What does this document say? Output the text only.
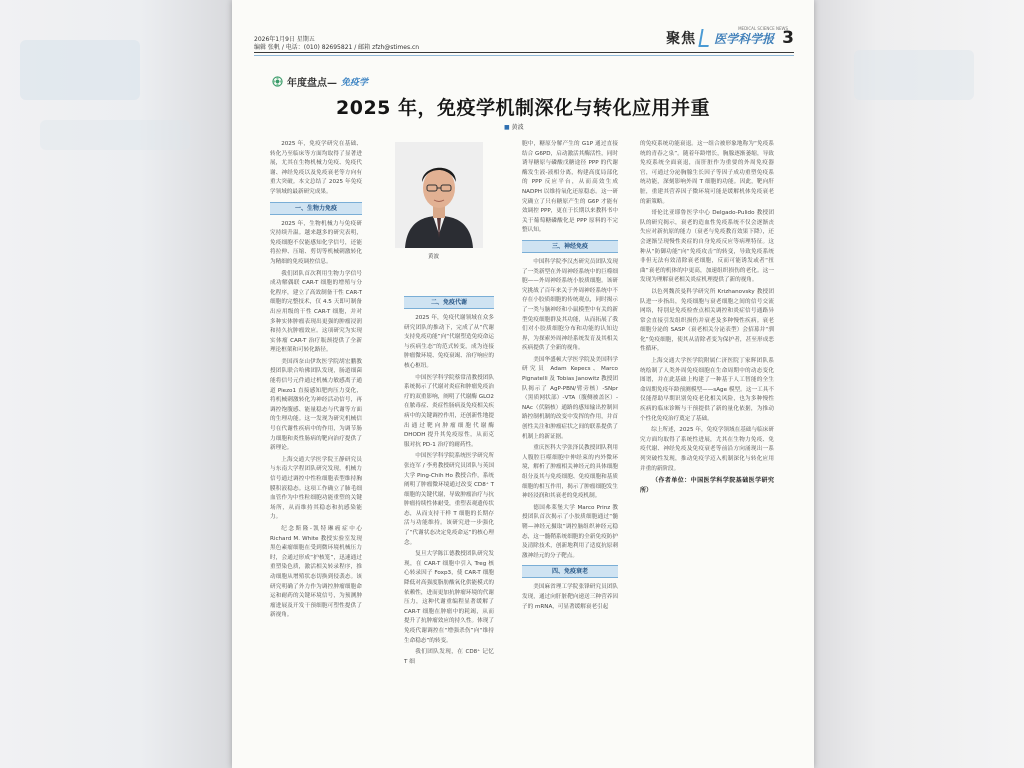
2026年1月9日 星期五
编辑 张帆 / 电话：(010) 82695821 / 邮箱 zfzh@stimes.cn
MEDICAL SCIENCE NEWS
聚焦 医学科学报 3
年度盘点— 免疫学
2025 年，免疫学机制深化与转化应用并重
■ 黄波

2025 年，免疫学研究在基础、转化乃至临床等方面均取得了显著进展，尤其在生物机械力免疫、免疫代谢、神经免疫以及免疫衰老等方向有重大突破。本文总结了 2025 年免疫学领域的最新研究成果。

一、生物力免疫

2025 年，生物机械力与免疫研究持续升温。越来越多的研究表明，免疫细胞不仅能感知化学信号，还能将拉伸、压缩、剪切等机械刺激转化为精细的免疫调控信息。

我们团队首次利用生物力学信号成功解偶联 CAR-T 细胞的增殖与分化程序，建立了高效制备干性 CAR-T 细胞的完整技术，仅 4.5 天即可制备出应用级的干性 CAR-T 细胞，并对多种实体肿瘤表现出更强的肿瘤浸润和持久抗肿瘤效应。这项研究为实现实体瘤 CAR-T 治疗瓶颈提供了全新理论框架和可转化路径。

美国西奈山伊坎医学院胡宏鹏教授团队联合哈佛团队发现，肠道细菌能将信号元件通过机械力敏感离子通道 Piezo1 直接感知肥肉压力变化，将机械刺激转化为神经活动信号，再调控饱腹感、能量稳态与代谢等方面的生理功能。这一发现为研究机械信号在代谢性疾病中的作用，为调节肠力细胞和炎性肠病的靶向治疗提供了新理论。

上海交通大学医学院王静研究员与东南大学程团队研究发现，机械力信号通过调控中性粒细胞表型维持胸膜积液稳态。这项工作确立了肺毛细血管作为中性粒细胞功能重塑的关键场所，从而维持其稳态和抗感染能力。

纪念斯隆-凯特琳癌症中心 Richard M. White 教授实验室发现黑色素瘤细胞在受到微环境机械压力时，会通过形成“护核笼”，迅速通过重塑染色质，激活相关转录程序，推动细胞从增殖状态切换到侵袭态。该研究明确了外力作为调控肿瘤细胞命运和耐药的关键环境信号，为预测肿瘤进展及开发干预细胞可塑性提供了新视角。

黄波
二、免疫代谢

2025 年，免疫代谢领域在众多研究团队的推动下，完成了从“代谢支持免疫功能”向“代谢塑造免疫命运与疾病生态”的范式转变，成为连接肿瘤微环境、免疫衰竭、治疗响应的核心枢纽。

中国医学科学院蔡常清教授团队系统揭示了代谢对炎症和肿瘤免疫治疗的双重影响，阐明了代谢酶 GLO2 在脓毒症、炎症性肠病及免疫相关疾病中的关键调控作用，还创新性地提出通过靶向肿瘤细胞代谢酶 DHODH 提升其免疫原性，从而克服对抗 PD-1 治疗的耐药性。

中国医学科学院系统医学研究所张连军 / 李勇教授研究员团队与英国大学 Ping-Chih Ho 教授合作，系统阐明了肿瘤微环境通过改变 CD8⁺ T 细胞的关键代谢，导致肿瘤治疗与抗肿瘤持续性体耐受，重塑表观遗传状态，从而支持干样 T 细胞的长期存活与功能维持。该研究进一步强化了“代谢状态决定免疫命运”的核心理念。

复旦大学陈江德教授团队研究发现，在 CAR-T 细胞中引入 Treg 核心转录因子 Foxp3，使 CAR-T 细胞降低对高强度脂肪酸氧化供能模式的依赖性，进而更加抗肿瘤环境的代谢压力，这种代谢重编程显著缓解了 CAR-T 细胞在肿瘤中的耗竭，从而提升了抗肿瘤效应的持久性。体现了免疫代谢调控在“增强杀伤”向“维持生命稳态”的转变。

我们团队发现，在 CD8⁺ 记忆 T 细

胞中，糖原分解产生的 G1P 通过直接结合 G6PD，启动激活其酶活性，同时诱导糖原与磷酸戊糖途径 PPP 的代谢酶发生液-液相分离，构建高度局部化的 PPP 反应平台，从而高效生成 NADPH 以维持氧化还原稳态。这一研究确立了只有糖原产生的 G6P 才能有效调控 PPP，更在于长期以来教科书中关于葡萄糖磷酸化是 PPP 原料的不完整认知。

三、神经免疫

中国科学院李汉杰研究员团队发现了一类新型在外周神经系统中的巨噬细胞——外周神经系统小胶质细胞。该研究挑战了百年来关于外周神经系统中不存在小胶质细胞的传统观点，同时揭示了一类与脑神经和小鼠模型中有关的新型免疫细胞群及其功能，从而拓展了我们对小胶质细胞分布和功能的认知边界，为探索外周神经系统发育及其相关疾病提供了全新的视角。

美国华盛顿大学医学院及美国科学研究员 Adam Kepecs、Marco Pignatelli 及 Tobias Janowitz 教授团队揭示了 AgP-PBN/臂旁核）-SNpr（黑质网状部）-VTA（腹侧被盖区）-NAc（伏隔核）通路的感知输出控制回路控制机制的改变中发挥的作用，并首创性关注和肿瘤症状之间的联系提供了机制上的新证据。

重庆医科大学张泽民教授团队利用人腹腔巨噬细胞中伸经束的内外微环境，解析了肿瘤相关神经元的具体细胞组分及其与免疫细胞、免疫细胞和基质细胞的相互作用，揭示了肿瘤细胞发生神经浸润和其衰老的免疫机制。

德国弗莱堡大学 Marco Prinz 教授团队首次揭示了小胶质细胞通过“髓鞘—神经元摄取”调控脑组织神经元稳态，这一髓鞘系统细胞的全新免疫防护及清除技术，创新地利用了适度抗原刺激神经元的分子靶点。

四、免疫衰老

美国麻省理工学院张锋研究员团队发现，通过向肝脏靶向递送三种营养因子的 mRNA，可显著缓解衰老引起

的免疫系统功能衰退。这一组合被形象地称为“免疫系统的青春之泉”。随着年龄增长，胸腺逐渐萎缩，导致免疫系统全面衰退，而肝脏作为重要的外周免疫器官，可通过分泌胸腺生长因子等因子成功重塑免疫系统功能，深刻影响外周 T 细胞的功能。因此，靶向肝脏，重建其营养因子微环境可能是缓解机体免疫衰老的新策略。

哥伦比亚耶鲁医学中心 Delgado-Pulido 教授团队的研究揭示，衰老的造血性免疫系统不仅会逐渐丧失应对新抗原的能力（衰老与免疫教育效果下降），还会逐渐呈现慢性炎症的自身免疫反应等病理特征。这种从“防御功能”向“免疫攻击”的转变，导致免疫系统非但无法有效清除衰老细胞，反而可能诱发或者“扭曲”衰老的机体的中更高，加速组织损伤的老化。这一发现为理解衰老相关炎症机理提供了新的视角。

以色列魏茨曼科学研究所 Krizhanovsky 教授团队进一步指出，免疫细胞与衰老细胞之间的信号交流网络，特别是免疫检查点相关调控和炎症信号通路异常会直接引发组织损伤并衰老及多种慢性疾病。衰老细胞分泌的 SASP（衰老相关分泌表型）会招募并“驯化”免疫细胞，使其从清除者变为保护者，甚至形成恶性循环。

上海交通大学医学院附属仁济医院丁家辉团队系统绘制了人类外周免疫细胞在生命周期中的动态变化图谱，并在此基础上构建了一种基于人工智能的全生命周期免疫年龄预测模型——sAge 模型。这一工具不仅能帮助早期识别免疫老化相关风险，也为多种慢性疾病的临床诊断与干预提供了新的量化依据，为推动个性化免疫治疗奠定了基础。

综上所述，2025 年，免疫学领域在基础与临床研究方面均取得了系统性进展，尤其在生物力免疫、免疫代谢、神经免疫及免疫衰老等前沿方向涌现出一系列突破性发现，推动免疫学迈入机制深化与转化应用并重的新阶段。

（作者单位：中国医学科学院基础医学研究所）
